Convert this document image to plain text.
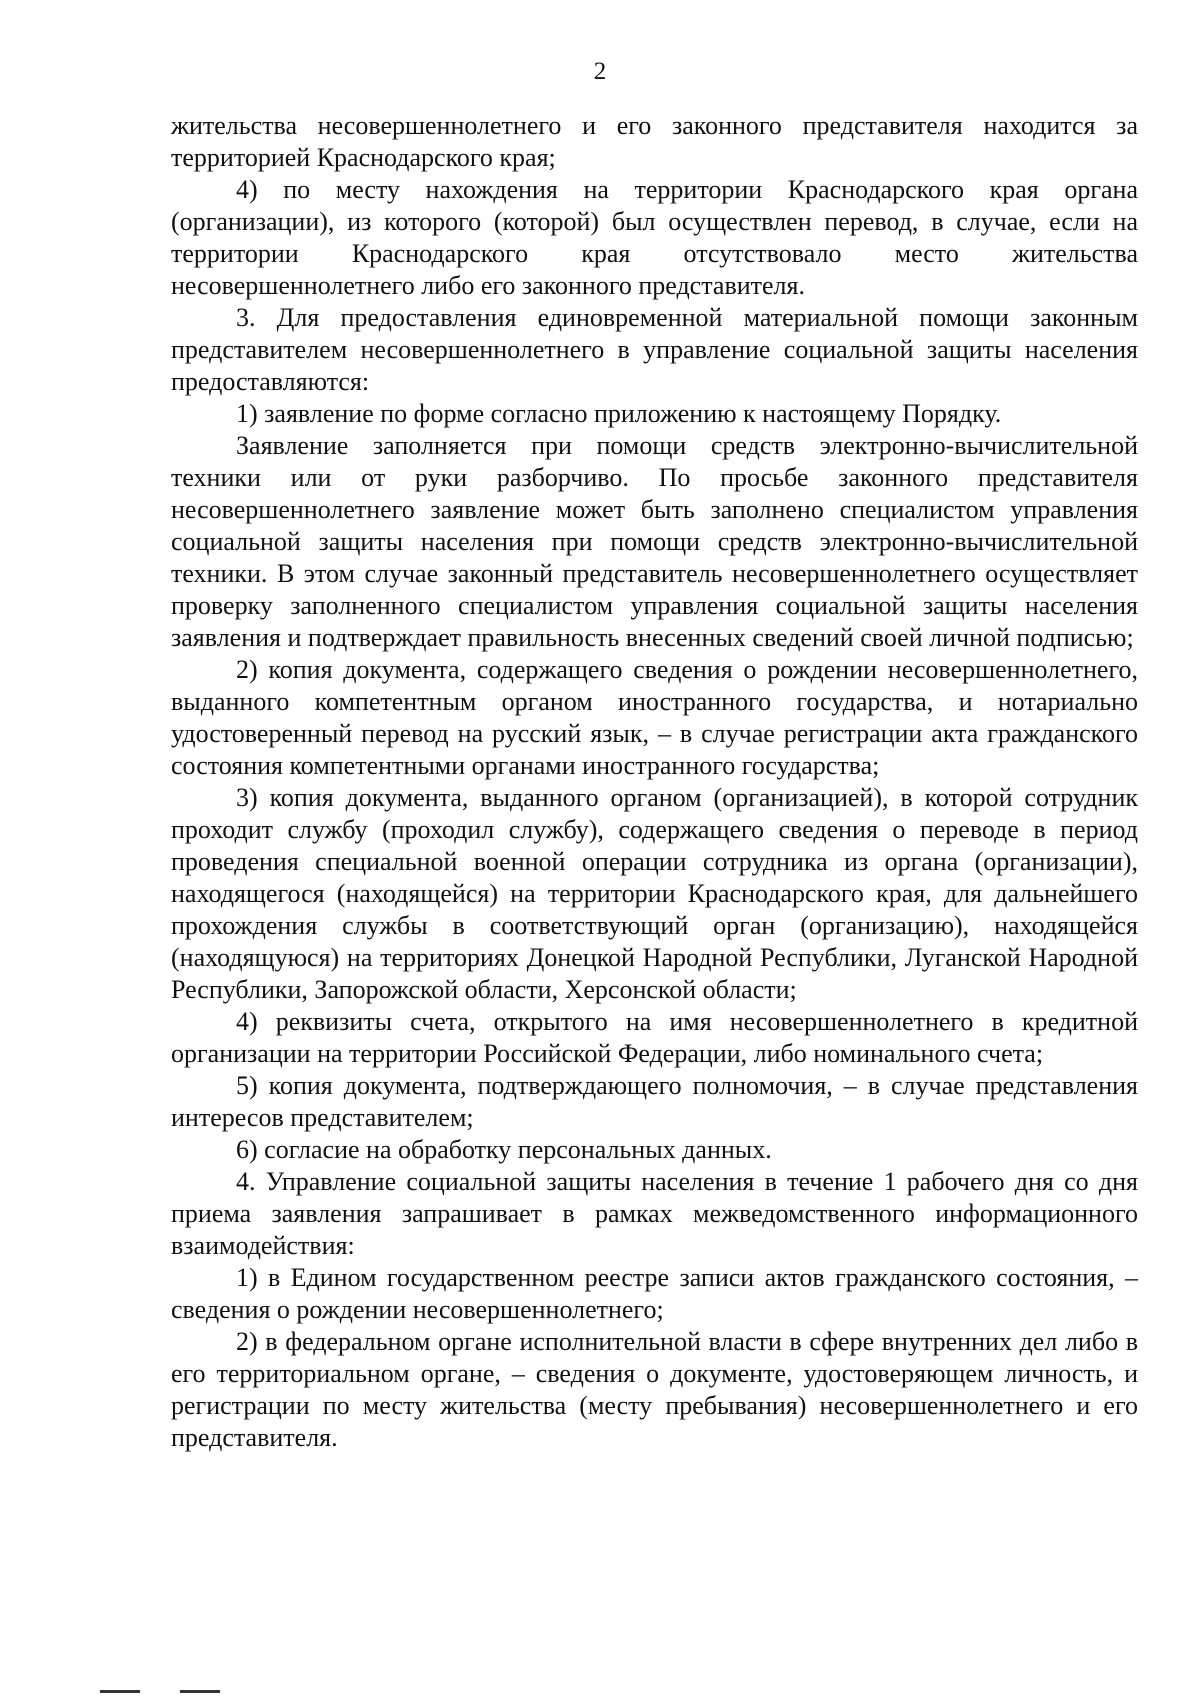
2

жительства несовершеннолетнего и его законного представителя находится за территорией Краснодарского края;

4) по месту нахождения на территории Краснодарского края органа (организации), из которого (которой) был осуществлен перевод, в случае, если на территории Краснодарского края отсутствовало место жительства несовершеннолетнего либо его законного представителя.

3. Для предоставления единовременной материальной помощи законным представителем несовершеннолетнего в управление социальной защиты населения предоставляются:

1) заявление по форме согласно приложению к настоящему Порядку.

Заявление заполняется при помощи средств электронно-вычислительной техники или от руки разборчиво. По просьбе законного представителя несовершеннолетнего заявление может быть заполнено специалистом управления социальной защиты населения при помощи средств электронно-вычислительной техники. В этом случае законный представитель несовершеннолетнего осуществляет проверку заполненного специалистом управления социальной защиты населения заявления и подтверждает правильность внесенных сведений своей личной подписью;

2) копия документа, содержащего сведения о рождении несовершеннолетнего, выданного компетентным органом иностранного государства, и нотариально удостоверенный перевод на русский язык, – в случае регистрации акта гражданского состояния компетентными органами иностранного государства;

3) копия документа, выданного органом (организацией), в которой сотрудник проходит службу (проходил службу), содержащего сведения о переводе в период проведения специальной военной операции сотрудника из органа (организации), находящегося (находящейся) на территории Краснодарского края, для дальнейшего прохождения службы в соответствующий орган (организацию), находящейся (находящуюся) на территориях Донецкой Народной Республики, Луганской Народной Республики, Запорожской области, Херсонской области;

4) реквизиты счета, открытого на имя несовершеннолетнего в кредитной организации на территории Российской Федерации, либо номинального счета;

5) копия документа, подтверждающего полномочия, – в случае представления интересов представителем;

6) согласие на обработку персональных данных.

4. Управление социальной защиты населения в течение 1 рабочего дня со дня приема заявления запрашивает в рамках межведомственного информационного взаимодействия:

1) в Едином государственном реестре записи актов гражданского состояния, – сведения о рождении несовершеннолетнего;

2) в федеральном органе исполнительной власти в сфере внутренних дел либо в его территориальном органе, – сведения о документе, удостоверяющем личность, и регистрации по месту жительства (месту пребывания) несовершеннолетнего и его представителя.
